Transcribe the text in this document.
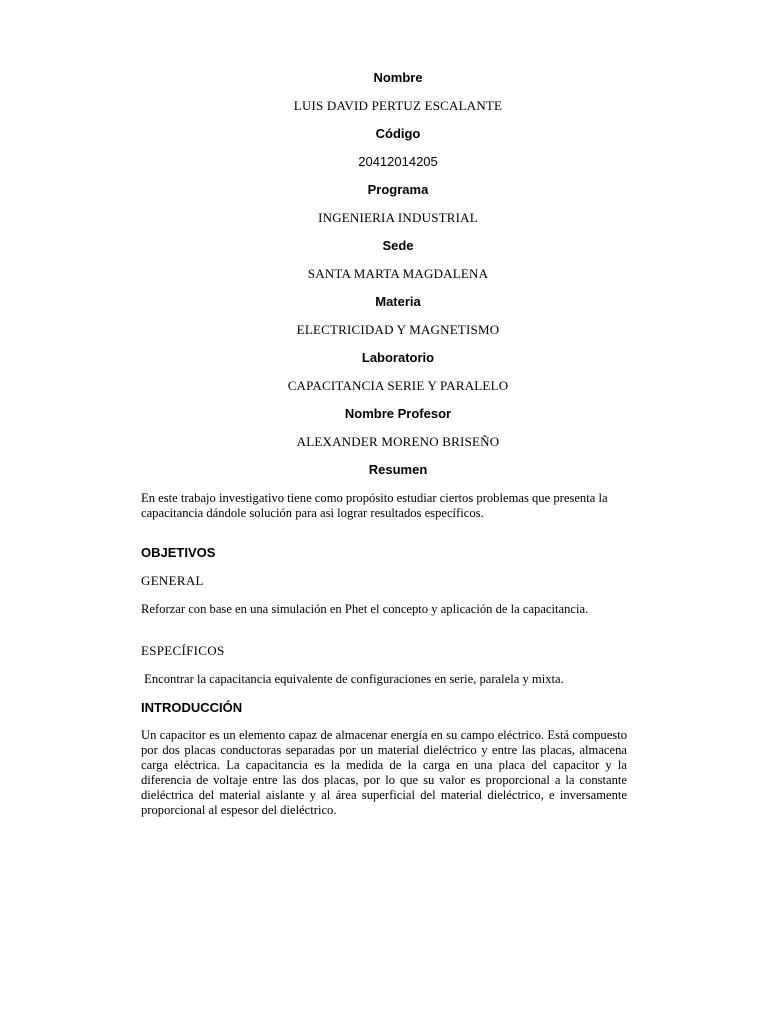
Nombre
LUIS DAVID PERTUZ ESCALANTE
Código
20412014205
Programa
INGENIERIA INDUSTRIAL
Sede
SANTA MARTA MAGDALENA
Materia
ELECTRICIDAD Y MAGNETISMO
Laboratorio
CAPACITANCIA SERIE Y PARALELO
Nombre Profesor
ALEXANDER MORENO BRISEÑO
Resumen

En este trabajo investigativo tiene como propósito estudiar ciertos problemas que presenta la capacitancia dándole solución para asi lograr resultados específicos.

OBJETIVOS
GENERAL

Reforzar con base en una simulación en Phet el concepto y aplicación de la capacitancia.

ESPECÍFICOS

Encontrar la capacitancia equivalente de configuraciones en serie, paralela y mixta.

INTRODUCCIÓN

Un capacitor es un elemento capaz de almacenar energía en su campo eléctrico. Está compuesto por dos placas conductoras separadas por un material dieléctrico y entre las placas, almacena carga eléctrica. La capacitancia es la medida de la carga en una placa del capacitor y la diferencia de voltaje entre las dos placas, por lo que su valor es proporcional a la constante dieléctrica del material aislante y al área superficial del material dieléctrico, e inversamente proporcional al espesor del dieléctrico.
